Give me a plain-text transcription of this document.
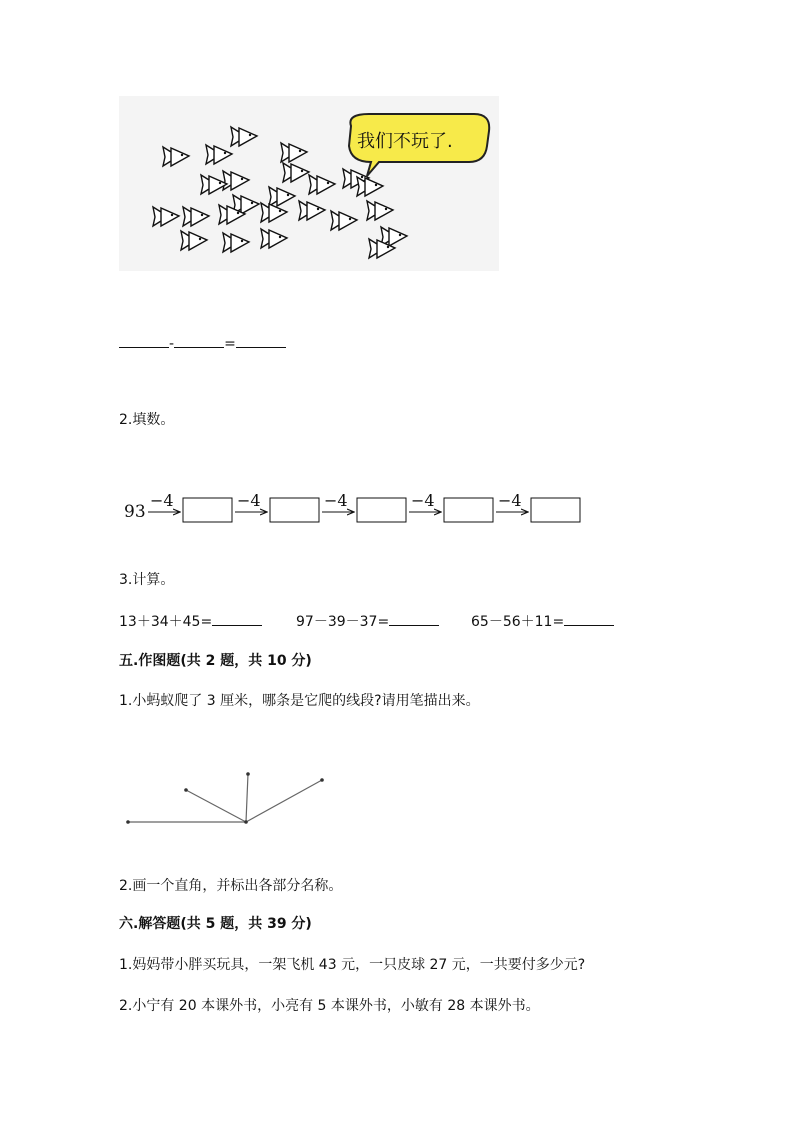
我们不玩了.
-	=
2.填数。
93
−4	−4	−4	−4	−4
3.计算。
13＋34＋45=	97－39－37=	65－56＋11=
五.作图题(共 2 题，共 10 分)
1.小蚂蚁爬了 3 厘米，哪条是它爬的线段?请用笔描出来。
2.画一个直角，并标出各部分名称。
六.解答题(共 5 题，共 39 分)
1.妈妈带小胖买玩具，一架飞机 43 元，一只皮球 27 元，一共要付多少元?
2.小宁有 20 本课外书，小亮有 5 本课外书，小敏有 28 本课外书。
